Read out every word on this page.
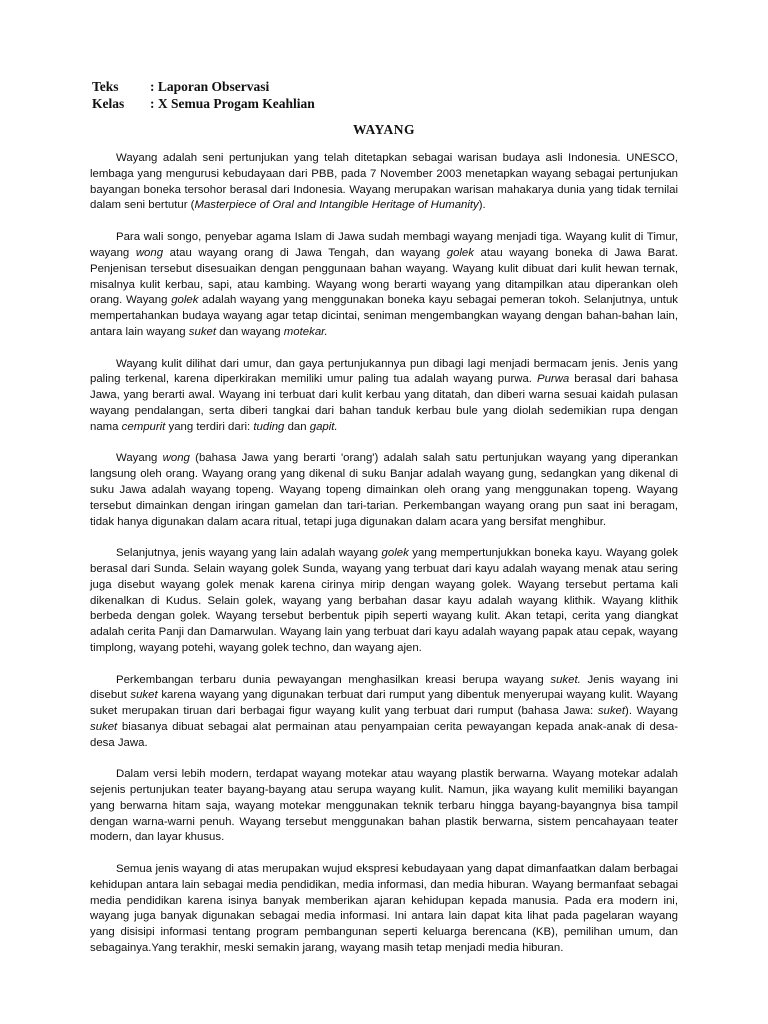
Teks	: Laporan Observasi
Kelas	: X Semua Progam Keahlian
WAYANG

Wayang adalah seni pertunjukan yang telah ditetapkan sebagai warisan budaya asli Indonesia. UNESCO, lembaga yang mengurusi kebudayaan dari PBB, pada 7 November 2003 menetapkan wayang sebagai pertunjukan bayangan boneka tersohor berasal dari Indonesia. Wayang merupakan warisan mahakarya dunia yang tidak ternilai dalam seni bertutur (Masterpiece of Oral and Intangible Heritage of Humanity).

Para wali songo, penyebar agama Islam di Jawa sudah membagi wayang menjadi tiga. Wayang kulit di Timur, wayang wong atau wayang orang di Jawa Tengah, dan wayang golek atau wayang boneka di Jawa Barat. Penjenisan tersebut disesuaikan dengan penggunaan bahan wayang. Wayang kulit dibuat dari kulit hewan ternak, misalnya kulit kerbau, sapi, atau kambing. Wayang wong berarti wayang yang ditampilkan atau diperankan oleh orang. Wayang golek adalah wayang yang menggunakan boneka kayu sebagai pemeran tokoh. Selanjutnya, untuk mempertahankan budaya wayang agar tetap dicintai, seniman mengembangkan wayang dengan bahan-bahan lain, antara lain wayang suket dan wayang motekar.

Wayang kulit dilihat dari umur, dan gaya pertunjukannya pun dibagi lagi menjadi bermacam jenis. Jenis yang paling terkenal, karena diperkirakan memiliki umur paling tua adalah wayang purwa. Purwa berasal dari bahasa Jawa, yang berarti awal. Wayang ini terbuat dari kulit kerbau yang ditatah, dan diberi warna sesuai kaidah pulasan wayang pendalangan, serta diberi tangkai dari bahan tanduk kerbau bule yang diolah sedemikian rupa dengan nama cempurit yang terdiri dari: tuding dan gapit.

Wayang wong (bahasa Jawa yang berarti 'orang') adalah salah satu pertunjukan wayang yang diperankan langsung oleh orang. Wayang orang yang dikenal di suku Banjar adalah wayang gung, sedangkan yang dikenal di suku Jawa adalah wayang topeng. Wayang topeng dimainkan oleh orang yang menggunakan topeng. Wayang tersebut dimainkan dengan iringan gamelan dan tari-tarian. Perkembangan wayang orang pun saat ini beragam, tidak hanya digunakan dalam acara ritual, tetapi juga digunakan dalam acara yang bersifat menghibur.

Selanjutnya, jenis wayang yang lain adalah wayang golek yang mempertunjukkan boneka kayu. Wayang golek berasal dari Sunda. Selain wayang golek Sunda, wayang yang terbuat dari kayu adalah wayang menak atau sering juga disebut wayang golek menak karena cirinya mirip dengan wayang golek. Wayang tersebut pertama kali dikenalkan di Kudus. Selain golek, wayang yang berbahan dasar kayu adalah wayang klithik. Wayang klithik berbeda dengan golek. Wayang tersebut berbentuk pipih seperti wayang kulit. Akan tetapi, cerita yang diangkat adalah cerita Panji dan Damarwulan. Wayang lain yang terbuat dari kayu adalah wayang papak atau cepak, wayang timplong, wayang potehi, wayang golek techno, dan wayang ajen.

Perkembangan terbaru dunia pewayangan menghasilkan kreasi berupa wayang suket. Jenis wayang ini disebut suket karena wayang yang digunakan terbuat dari rumput yang dibentuk menyerupai wayang kulit. Wayang suket merupakan tiruan dari berbagai figur wayang kulit yang terbuat dari rumput (bahasa Jawa: suket). Wayang suket biasanya dibuat sebagai alat permainan atau penyampaian cerita pewayangan kepada anak-anak di desa-desa Jawa.

Dalam versi lebih modern, terdapat wayang motekar atau wayang plastik berwarna. Wayang motekar adalah sejenis pertunjukan teater bayang-bayang atau serupa wayang kulit. Namun, jika wayang kulit memiliki bayangan yang berwarna hitam saja, wayang motekar menggunakan teknik terbaru hingga bayang-bayangnya bisa tampil dengan warna-warni penuh. Wayang tersebut menggunakan bahan plastik berwarna, sistem pencahayaan teater modern, dan layar khusus.

Semua jenis wayang di atas merupakan wujud ekspresi kebudayaan yang dapat dimanfaatkan dalam berbagai kehidupan antara lain sebagai media pendidikan, media informasi, dan media hiburan. Wayang bermanfaat sebagai media pendidikan karena isinya banyak memberikan ajaran kehidupan kepada manusia. Pada era modern ini, wayang juga banyak digunakan sebagai media informasi. Ini antara lain dapat kita lihat pada pagelaran wayang yang disisipi informasi tentang program pembangunan seperti keluarga berencana (KB), pemilihan umum, dan sebagainya.Yang terakhir, meski semakin jarang, wayang masih tetap menjadi media hiburan.
